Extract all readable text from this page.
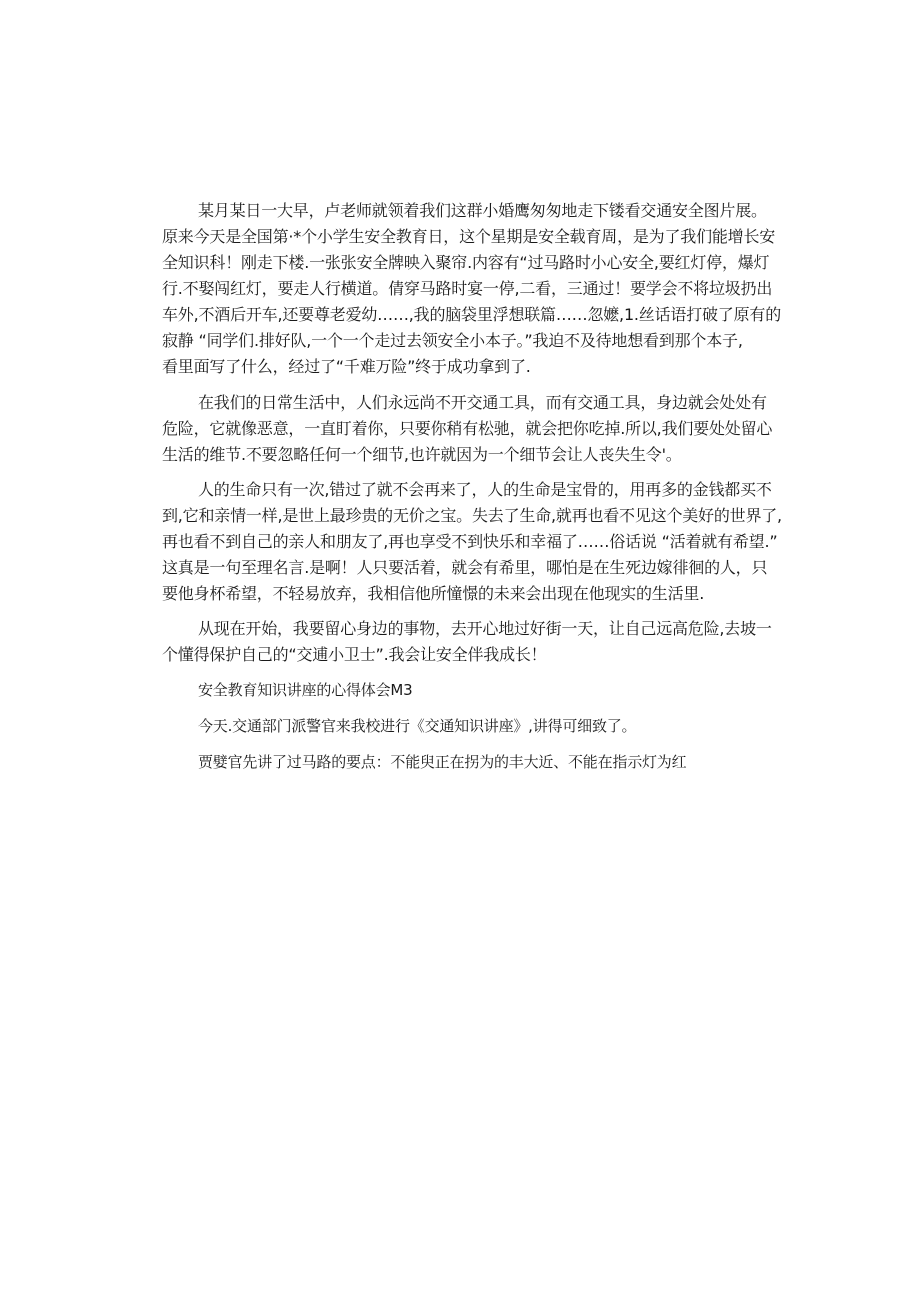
某月某日一大早，卢老师就领着我们这群小婚鹰匆匆地走下镂看交通安全图片展。
原来今天是全国第·*个小学生安全教育日，这个星期是安全载育周，是为了我们能增长安
全知识科！刚走下楼.一张张安全牌映入聚帘.内容有“过马路时小心安全,要红灯停，爆灯
行.不娶闯红灯，要走人行横道。倩穿马路时宴一停,二看，三通过！要学会不将垃圾扔出
车外,不酒后开车,还要尊老爱幼……,我的脑袋里浮想联篇……忽嬷,1.丝话语打破了原有的
寂静 “同学们.排好队,一个一个走过去领安全小本子。”我迫不及待地想看到那个本子,
看里面写了什么，经过了“千难万险”终于成功拿到了.

在我们的日常生活中，人们永远尚不开交通工具，而有交通工具，身边就会处处有
危险，它就像恶意，一直盯着你，只要你稍有松驰，就会把你吃掉.所以,我们要处处留心
生活的维节.不要忽略任何一个细节,也许就因为一个细节会让人丧失生令'。

人的生命只有一次,错过了就不会再来了，人的生命是宝骨的，用再多的金钱都买不
到,它和亲情一样,是世上最珍贵的无价之宝。失去了生命,就再也看不见这个美好的世界了,
再也看不到自己的亲人和朋友了,再也享受不到快乐和幸福了……俗话说 “活着就有希望.”
这真是一句至理名言.是啊！人只要活着，就会有希里，哪怕是在生死边嫁徘徊的人，只
要他身杯希望，不轻易放弃，我相信他所憧憬的未来会出现在他现实的生活里.

从现在开始，我要留心身边的事物，去开心地过好街一天，让自己远高危险,去坡一
个懂得保护自己的“交逋小卫士”.我会让安全伴我成长！

安全教育知识讲座的心得体会M3

今天.交通部门派警官来我校进行《交通知识讲座》,讲得可细致了。

贾嬖官先讲了过马路的要点：不能臾正在拐为的丰大近、不能在指示灯为红
